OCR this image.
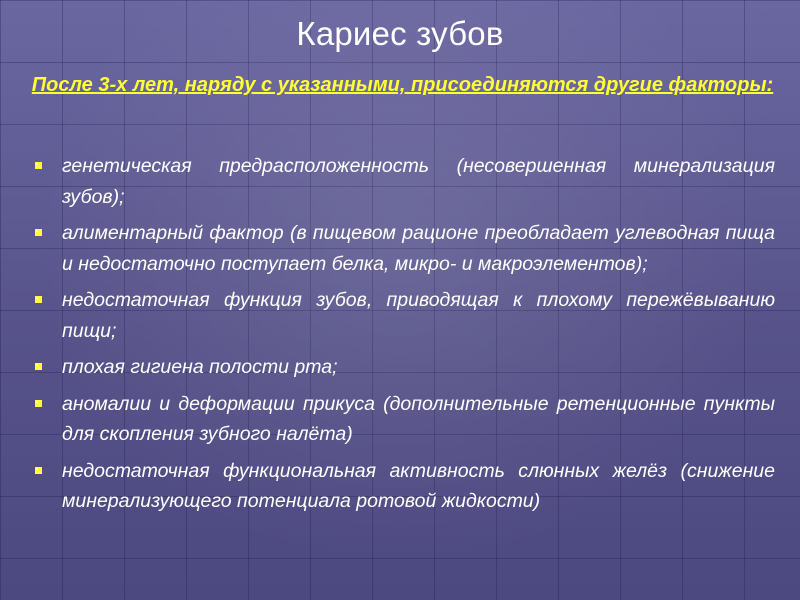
Кариес зубов
После 3-х лет, наряду с указанными, присоединяются другие факторы:
генетическая предрасположенность (несовершенная минерализация зубов);
алиментарный фактор (в пищевом рационе преобладает углеводная пища и недостаточно поступает белка, микро- и макроэлементов);
недостаточная функция зубов, приводящая к плохому пережёвыванию пищи;
плохая гигиена полости рта;
аномалии и деформации прикуса (дополнительные ретенционные пункты для скопления зубного налёта)
недостаточная функциональная активность слюнных желёз (снижение минерализующего потенциала ротовой жидкости)
